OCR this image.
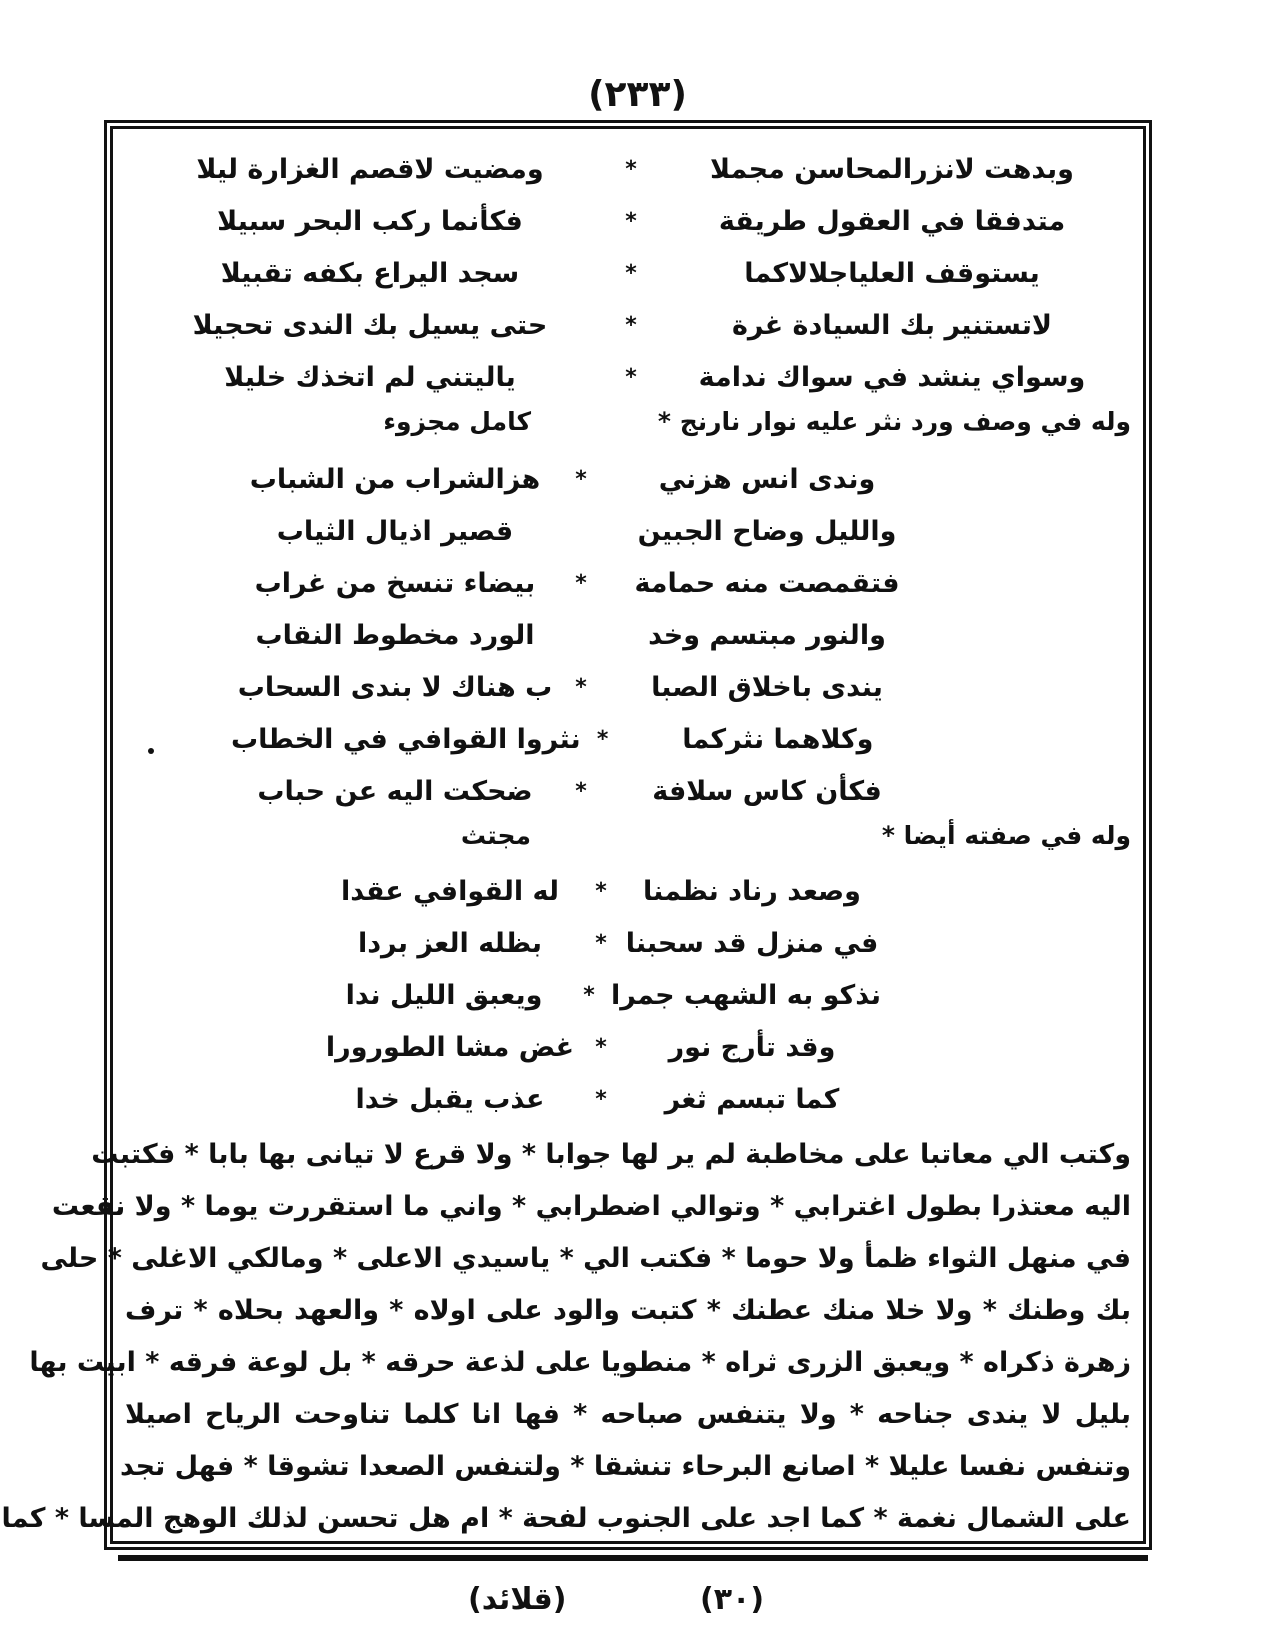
(٢٣٣)
وبدهت لانزرالمحاسن مجملا
*
ومضيت لاقصم الغزارة ليلا
متدفقا في العقول طريقة
*
فكأنما ركب البحر سبيلا
يستوقف العلياجلالاكما
*
سجد اليراع بكفه تقبيلا
لاتستنير بك السيادة غرة
*
حتى يسيل بك الندى تحجيلا
وسواي ينشد في سواك ندامة
*
ياليتني لم اتخذك خليلا
وله في وصف ورد نثر عليه نوار نارنج *
كامل مجزوء
وندى انس هزني
*
هزالشراب من الشباب
والليل وضاح الجبين
*
قصير اذيال الثياب
فتقمصت منه حمامة
*
بيضاء تنسخ من غراب
والنور مبتسم وخد
*
الورد مخطوط النقاب
يندى باخلاق الصبا
*
ب هناك لا بندى السحاب
وكلاهما نثركما
*
نثروا القوافي في الخطاب
فكأن كاس سلافة
*
ضحكت اليه عن حباب
وله في صفته أيضا *
مجتث
وصعد رناد نظمنا
*
له القوافي عقدا
في منزل قد سحبنا
*
بظله العز بردا
نذكو به الشهب جمرا
*
ويعبق الليل ندا
وقد تأرج نور
*
غض مشا الطورورا
كما تبسم ثغر
*
عذب يقبل خدا
وكتب الي معاتبا على مخاطبة لم ير لها جوابا * ولا قرع لا تيانى بها بابا * فكتبت
اليه معتذرا بطول اغترابي * وتوالي اضطرابي * واني ما استقررت يوما * ولا نقعت
في منهل الثواء ظمأ ولا حوما * فكتب الي * ياسيدي الاعلى * ومالكي الاغلى * حلى
بك وطنك * ولا خلا منك عطنك * كتبت والود على اولاه * والعهد بحلاه * ترف
زهرة ذكراه * ويعبق الزرى ثراه * منطويا على لذعة حرقه * بل لوعة فرقه * ابيت بها
بليل لا يندى جناحه * ولا يتنفس صباحه * فها انا كلما تناوحت الرياح اصيلا
وتنفس نفسا عليلا * اصانع البرحاء تنشقا * ولتنفس الصعدا تشوقا * فهل تجد
على الشمال نغمة * كما اجد على الجنوب لفحة * ام هل تحسن لذلك الوهج المسا * كما
(قلائد)	(٣٠)
